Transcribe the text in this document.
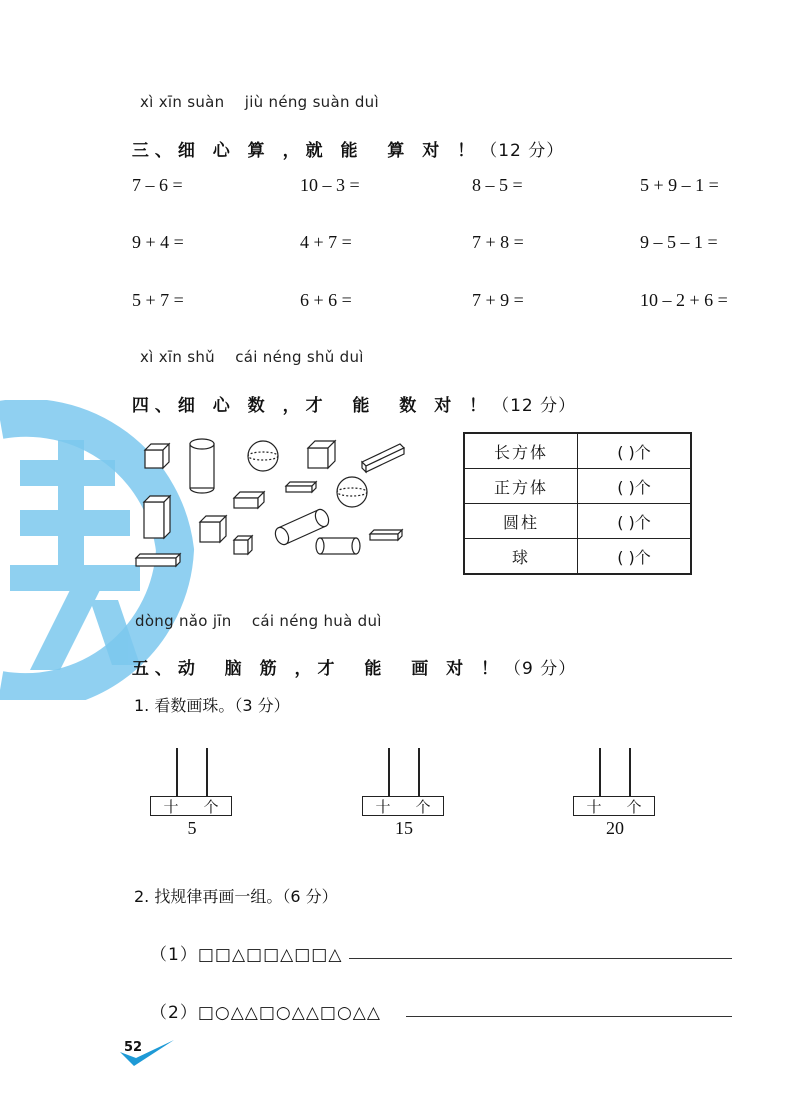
xì xīn suàn    jiù néng suàn duì

三、细 心 算 ，就 能  算 对 ！（12 分）

7 – 6 =	10 – 3 =	8 – 5 =	5 + 9 – 1 =
9 + 4 =	4 + 7 =	7 + 8 =	9 – 5 – 1 =
5 + 7 =	6 + 6 =	7 + 9 =	10 – 2 + 6 =
xì xīn shǔ    cái néng shǔ duì

四、细 心 数 ，才  能  数 对 ！（12 分）

长方体	( )个
正方体	( )个
圆柱	( )个
球	( )个
dòng nǎo jīn    cái néng huà duì

五、动  脑 筋 ，才  能  画 对 ！（9 分）

1. 看数画珠。（3 分）
十 个
5
十 个
15
十 个
20
2. 找规律再画一组。（6 分）
（1）□□△□□△□□△
（2）□○△△□○△△□○△△
52
